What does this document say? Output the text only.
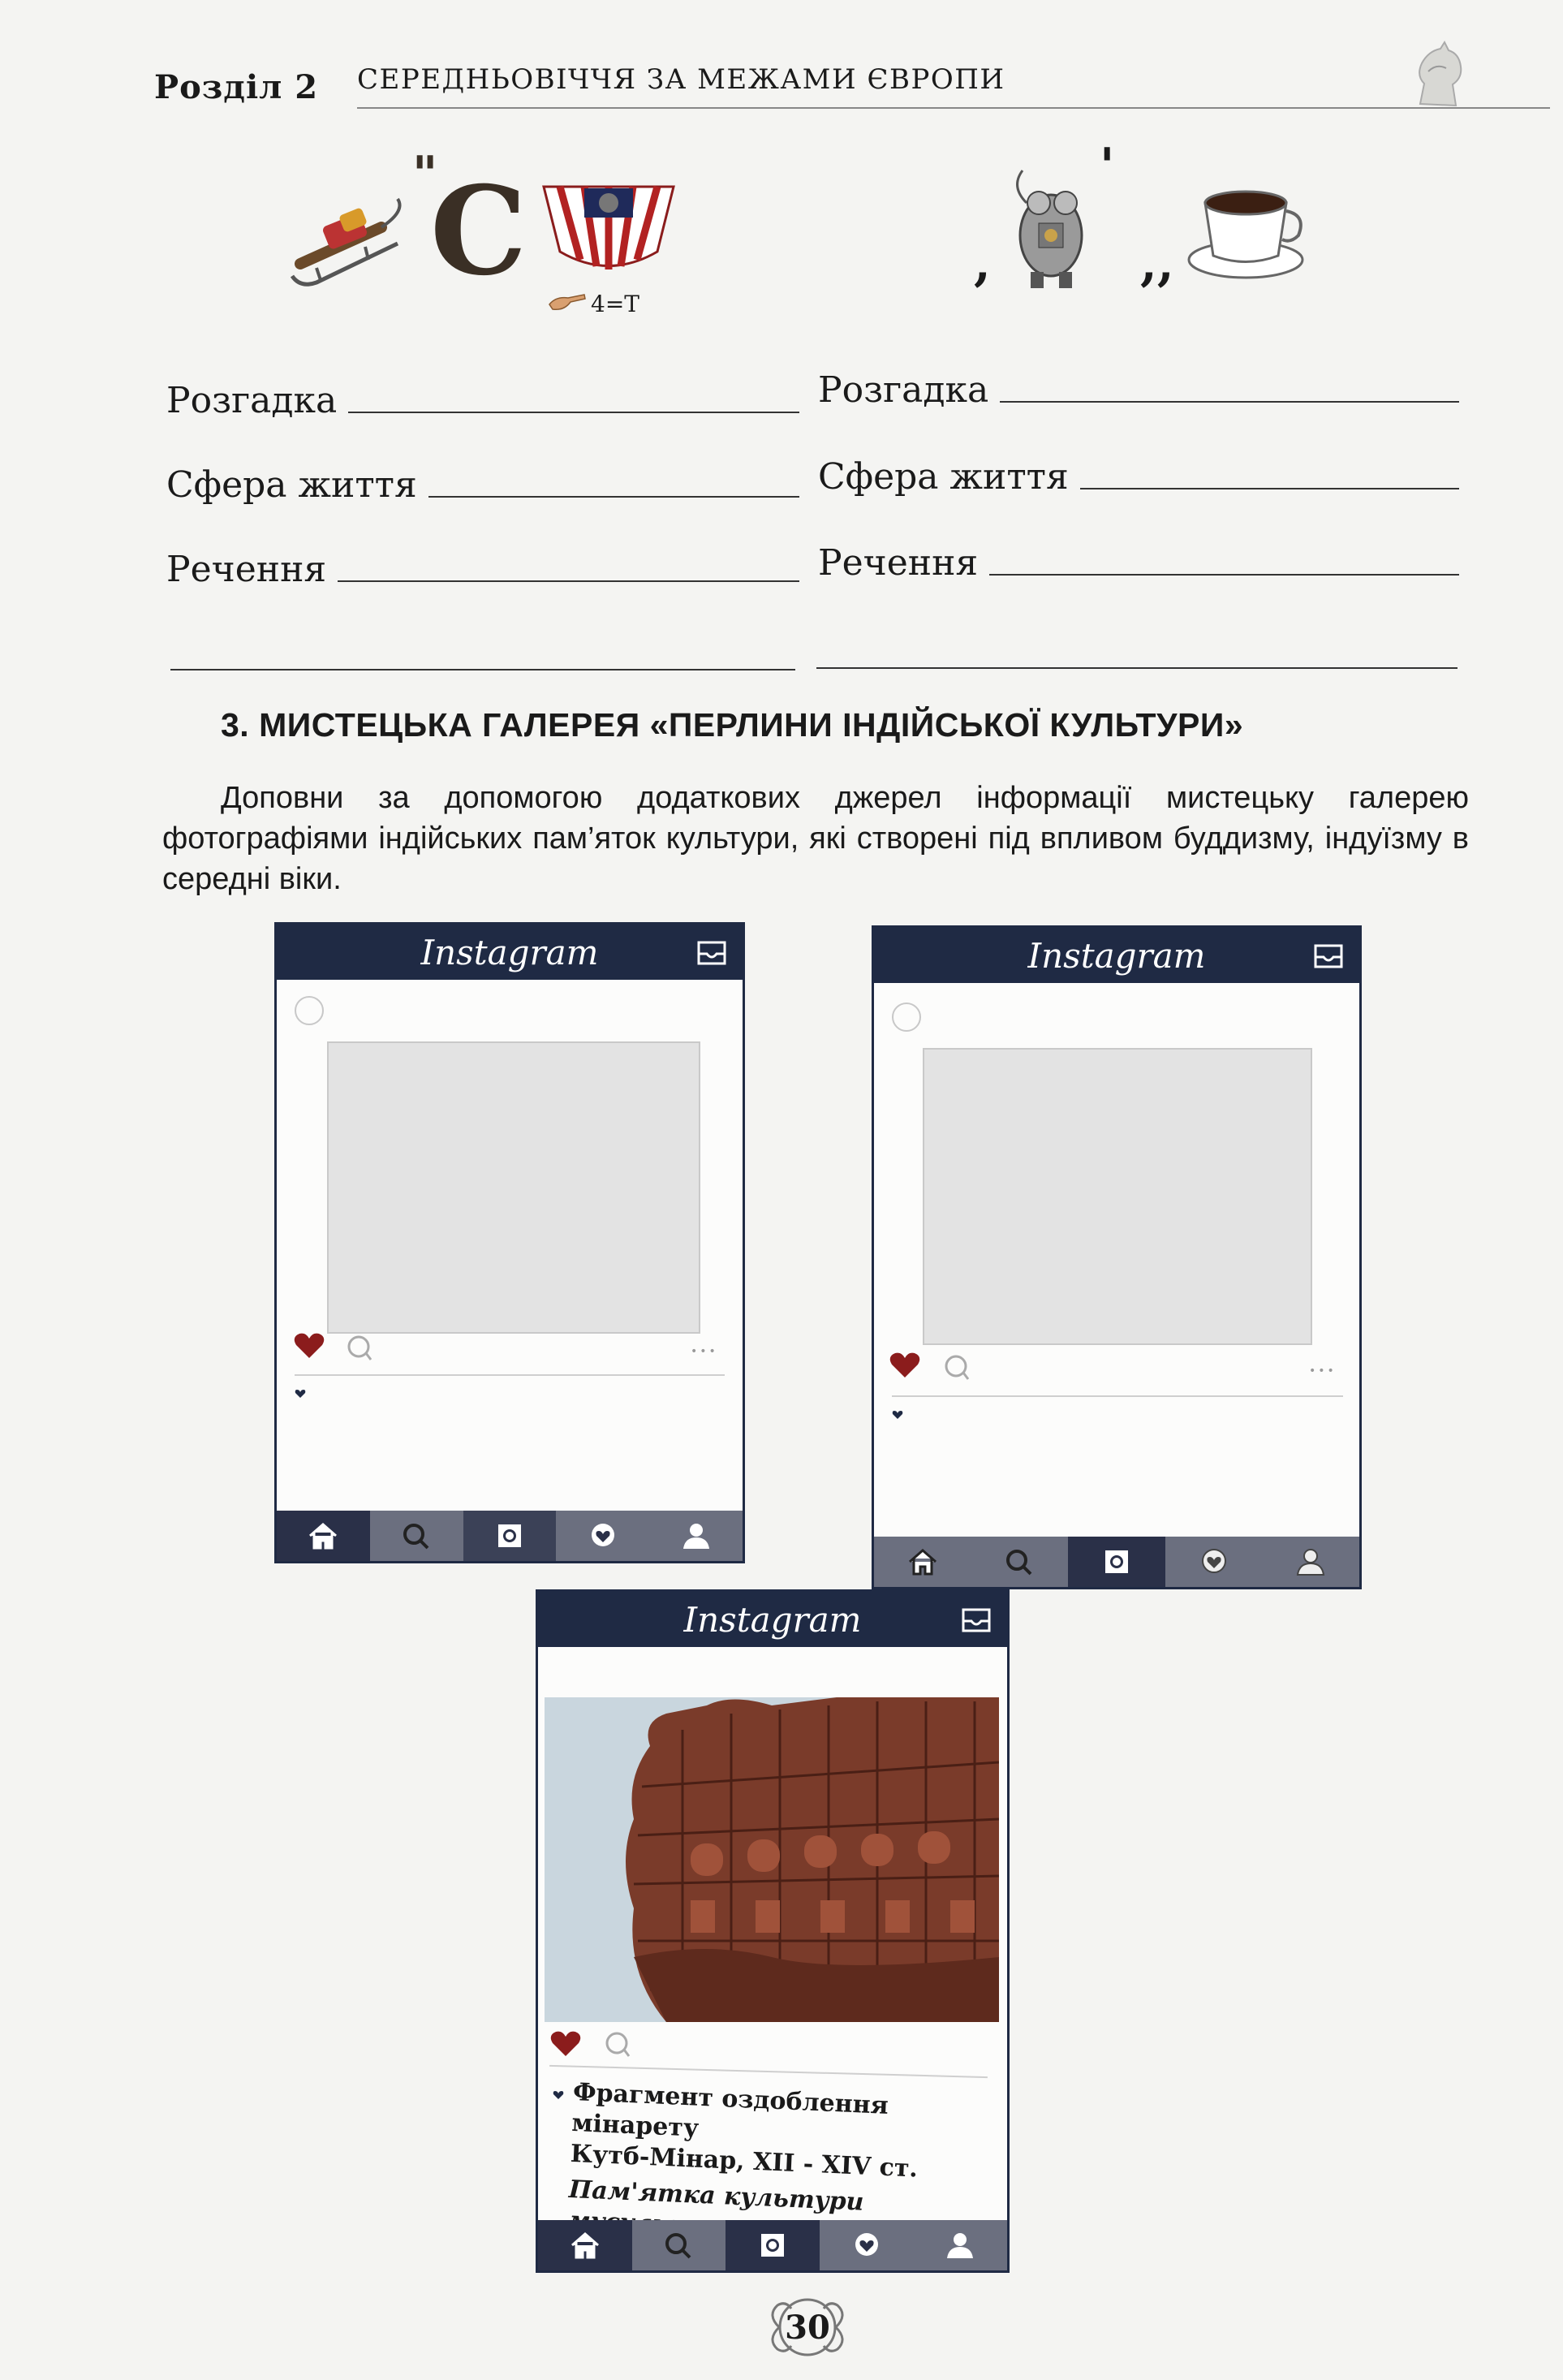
Розділ 2 СЕРЕДНЬОВІЧЧЯ ЗА МЕЖАМИ ЄВРОПИ
"
С
4=Т
,
'
,,
Розгадка
Сфера життя
Речення
Розгадка
Сфера життя
Речення
3. МИСТЕЦЬКА ГАЛЕРЕЯ «ПЕРЛИНИ ІНДІЙСЬКОЇ КУЛЬТУРИ»
Доповни за допомогою додаткових джерел інформації мистецьку галерею фотографіями індійських пам’яток культури, які створені під впливом буддизму, індуїзму в середні віки.
Instagram
•••
Instagram
•••
Instagram
Фрагмент оздоблення мінарету
Кутб-Мінар, XII - XIV ст.
Пам'ятка культури
30
